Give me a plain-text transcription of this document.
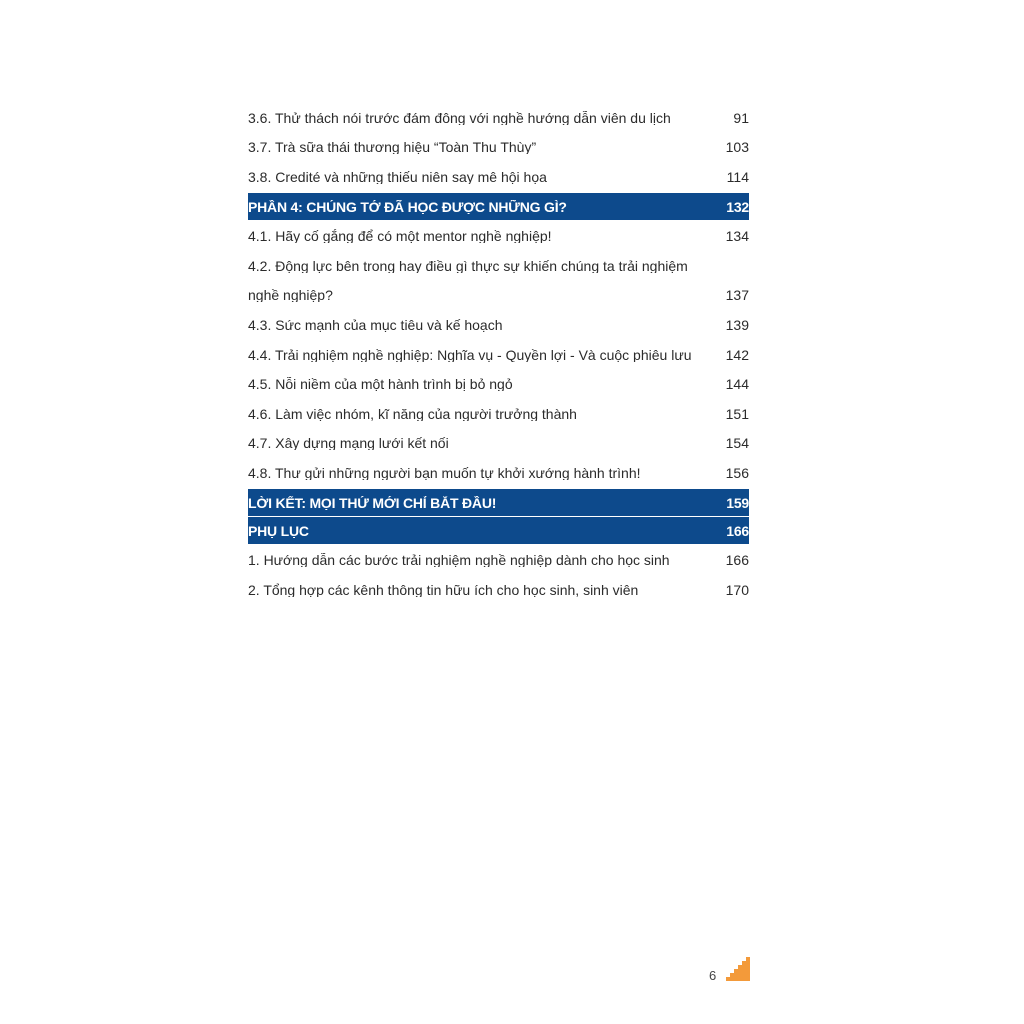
3.6. Thử thách nói trước đám đông với nghề hướng dẫn viên du lịch	91
3.7. Trà sữa thái thương hiệu “Toàn Thu Thùy”	103
3.8. Credité và những thiếu niên say mê hội họa	114
PHẦN 4: CHÚNG TỚ ĐÃ HỌC ĐƯỢC NHỮNG GÌ?	132
4.1. Hãy cố gắng để có một mentor nghề nghiệp!	134
4.2. Động lực bên trong hay điều gì thực sự khiến chúng ta trải nghiệm
nghề nghiệp?	137
4.3. Sức mạnh của mục tiêu và kế hoạch	139
4.4. Trải nghiệm nghề nghiệp: Nghĩa vụ - Quyền lợi - Và cuộc phiêu lưu	142
4.5. Nỗi niềm của một hành trình bị bỏ ngỏ	144
4.6. Làm việc nhóm, kĩ năng của người trưởng thành	151
4.7. Xây dựng mạng lưới kết nối	154
4.8. Thư gửi những người bạn muốn tự khởi xướng hành trình!	156
LỜI KẾT: MỌI THỨ MỚI CHỈ BẮT ĐẦU!	159
PHỤ LỤC	166
1. Hướng dẫn các bước trải nghiệm nghề nghiệp dành cho học sinh	166
2. Tổng hợp các kênh thông tin hữu ích cho học sinh, sinh viên	170
6
